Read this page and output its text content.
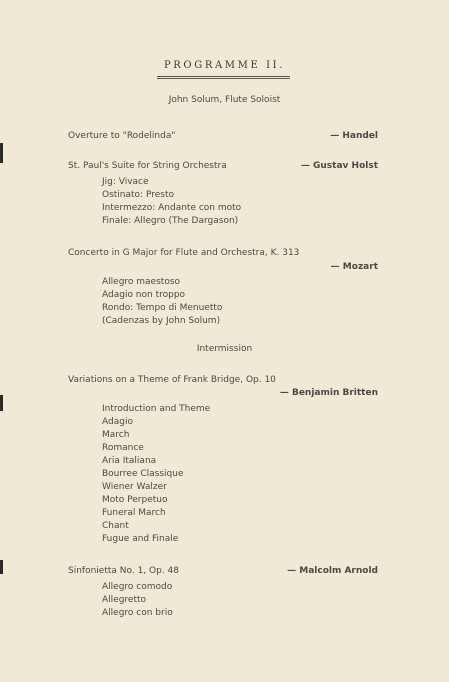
PROGRAMME II.
John Solum, Flute Soloist
Overture to "Rodelinda"	— Handel
St. Paul's Suite for String Orchestra	— Gustav Holst
Jig: Vivace
Ostinato: Presto
Intermezzo: Andante con moto
Finale: Allegro (The Dargason)
Concerto in G Major for Flute and Orchestra, K. 313
— Mozart
Allegro maestoso
Adagio non troppo
Rondo: Tempo di Menuetto
(Cadenzas by John Solum)
Intermission
Variations on a Theme of Frank Bridge, Op. 10
— Benjamin Britten
Introduction and Theme
Adagio
March
Romance
Aria Italiana
Bourree Classique
Wiener Walzer
Moto Perpetuo
Funeral March
Chant
Fugue and Finale
Sinfonietta No. 1, Op. 48	— Malcolm Arnold
Allegro comodo
Allegretto
Allegro con brio
